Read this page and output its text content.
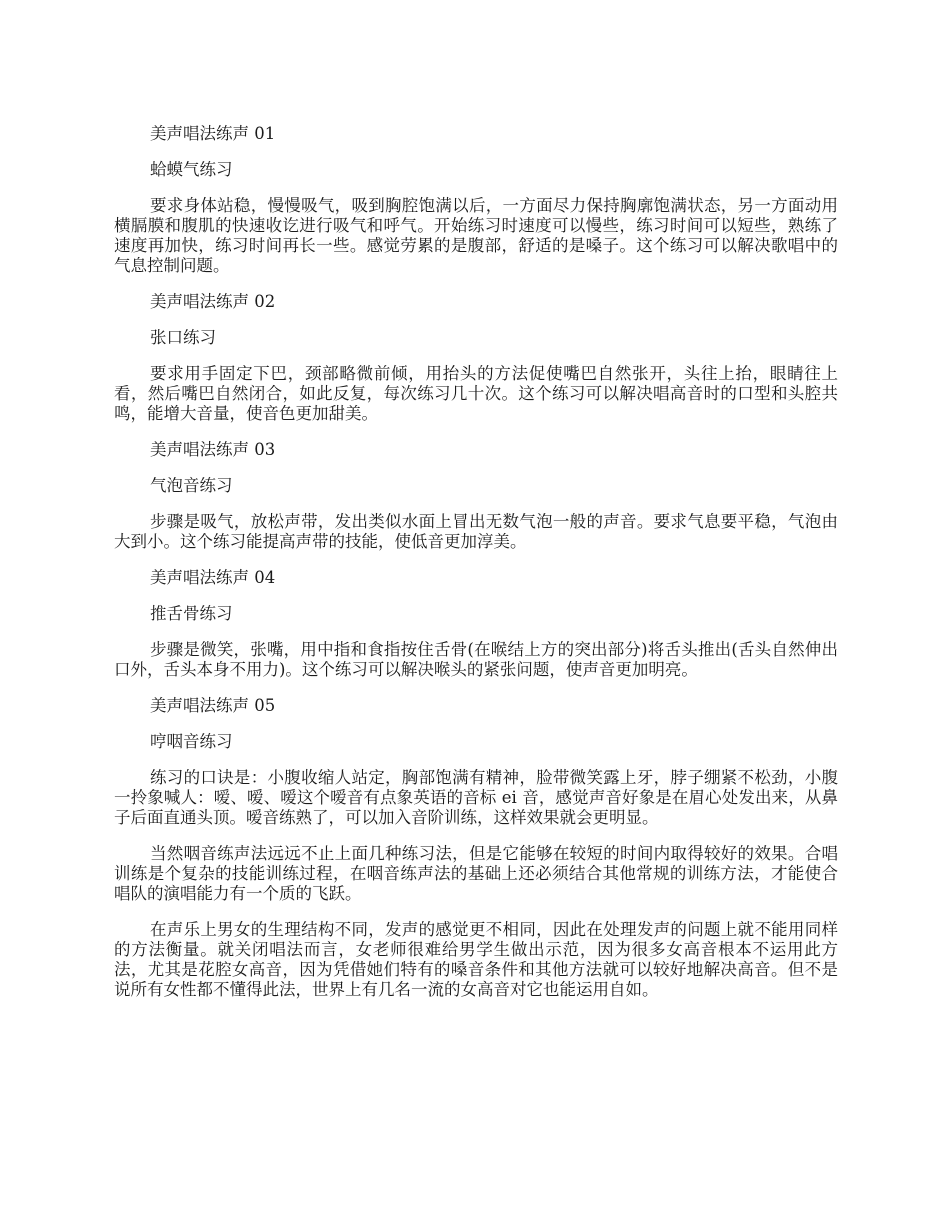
美声唱法练声 01

蛤蟆气练习

要求身体站稳，慢慢吸气，吸到胸腔饱满以后，一方面尽力保持胸廓饱满状态，另一方面动用横膈膜和腹肌的快速收讫进行吸气和呼气。开始练习时速度可以慢些，练习时间可以短些，熟练了速度再加快，练习时间再长一些。感觉劳累的是腹部，舒适的是嗓子。这个练习可以解决歌唱中的气息控制问题。

美声唱法练声 02

张口练习

要求用手固定下巴，颈部略微前倾，用抬头的方法促使嘴巴自然张开，头往上抬，眼睛往上看，然后嘴巴自然闭合，如此反复，每次练习几十次。这个练习可以解决唱高音时的口型和头腔共鸣，能增大音量，使音色更加甜美。

美声唱法练声 03

气泡音练习

步骤是吸气，放松声带，发出类似水面上冒出无数气泡一般的声音。要求气息要平稳，气泡由大到小。这个练习能提高声带的技能，使低音更加淳美。

美声唱法练声 04

推舌骨练习

步骤是微笑，张嘴，用中指和食指按住舌骨(在喉结上方的突出部分)将舌头推出(舌头自然伸出口外，舌头本身不用力)。这个练习可以解决喉头的紧张问题，使声音更加明亮。

美声唱法练声 05

哼咽音练习

练习的口诀是：小腹收缩人站定，胸部饱满有精神，脸带微笑露上牙，脖子绷紧不松劲，小腹一拎象喊人：嗳、嗳、嗳这个嗳音有点象英语的音标 ei 音，感觉声音好象是在眉心处发出来，从鼻子后面直通头顶。嗳音练熟了，可以加入音阶训练，这样效果就会更明显。

当然咽音练声法远远不止上面几种练习法，但是它能够在较短的时间内取得较好的效果。合唱训练是个复杂的技能训练过程，在咽音练声法的基础上还必须结合其他常规的训练方法，才能使合唱队的演唱能力有一个质的飞跃。

在声乐上男女的生理结构不同，发声的感觉更不相同，因此在处理发声的问题上就不能用同样的方法衡量。就关闭唱法而言，女老师很难给男学生做出示范，因为很多女高音根本不运用此方法，尤其是花腔女高音，因为凭借她们特有的嗓音条件和其他方法就可以较好地解决高音。但不是说所有女性都不懂得此法，世界上有几名一流的女高音对它也能运用自如。
